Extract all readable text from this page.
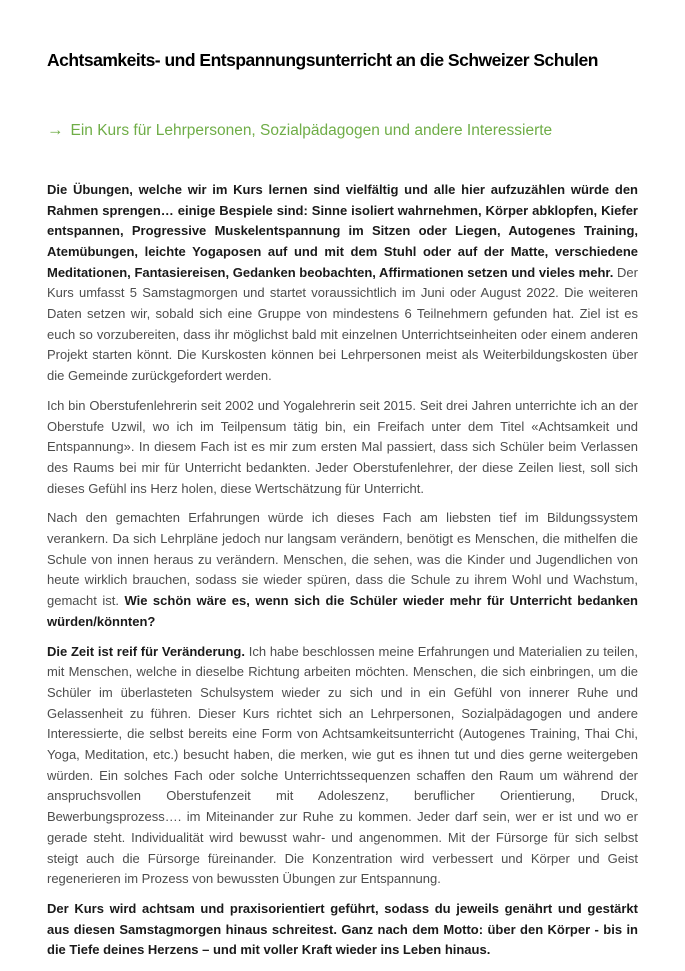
Achtsamkeits- und Entspannungsunterricht an die Schweizer Schulen
→ Ein Kurs für Lehrpersonen, Sozialpädagogen und andere Interessierte

Die Übungen, welche wir im Kurs lernen sind vielfältig und alle hier aufzuzählen würde den Rahmen sprengen… einige Bespiele sind: Sinne isoliert wahrnehmen, Körper abklopfen, Kiefer entspannen, Progressive Muskelentspannung im Sitzen oder Liegen, Autogenes Training, Atemübungen, leichte Yogaposen auf und mit dem Stuhl oder auf der Matte, verschiedene Meditationen, Fantasiereisen, Gedanken beobachten, Affirmationen setzen und vieles mehr. Der Kurs umfasst 5 Samstagmorgen und startet voraussichtlich im Juni oder August 2022. Die weiteren Daten setzen wir, sobald sich eine Gruppe von mindestens 6 Teilnehmern gefunden hat. Ziel ist es euch so vorzubereiten, dass ihr möglichst bald mit einzelnen Unterrichtseinheiten oder einem anderen Projekt starten könnt. Die Kurskosten können bei Lehrpersonen meist als Weiterbildungskosten über die Gemeinde zurückgefordert werden.

Ich bin Oberstufenlehrerin seit 2002 und Yogalehrerin seit 2015. Seit drei Jahren unterrichte ich an der Oberstufe Uzwil, wo ich im Teilpensum tätig bin, ein Freifach unter dem Titel «Achtsamkeit und Entspannung». In diesem Fach ist es mir zum ersten Mal passiert, dass sich Schüler beim Verlassen des Raums bei mir für Unterricht bedankten. Jeder Oberstufenlehrer, der diese Zeilen liest, soll sich dieses Gefühl ins Herz holen, diese Wertschätzung für Unterricht.

Nach den gemachten Erfahrungen würde ich dieses Fach am liebsten tief im Bildungssystem verankern. Da sich Lehrpläne jedoch nur langsam verändern, benötigt es Menschen, die mithelfen die Schule von innen heraus zu verändern. Menschen, die sehen, was die Kinder und Jugendlichen von heute wirklich brauchen, sodass sie wieder spüren, dass die Schule zu ihrem Wohl und Wachstum, gemacht ist. Wie schön wäre es, wenn sich die Schüler wieder mehr für Unterricht bedanken würden/könnten?

Die Zeit ist reif für Veränderung. Ich habe beschlossen meine Erfahrungen und Materialien zu teilen, mit Menschen, welche in dieselbe Richtung arbeiten möchten. Menschen, die sich einbringen, um die Schüler im überlasteten Schulsystem wieder zu sich und in ein Gefühl von innerer Ruhe und Gelassenheit zu führen. Dieser Kurs richtet sich an Lehrpersonen, Sozialpädagogen und andere Interessierte, die selbst bereits eine Form von Achtsamkeitsunterricht (Autogenes Training, Thai Chi, Yoga, Meditation, etc.) besucht haben, die merken, wie gut es ihnen tut und dies gerne weitergeben würden. Ein solches Fach oder solche Unterrichtssequenzen schaffen den Raum um während der anspruchsvollen Oberstufenzeit mit Adoleszenz, beruflicher Orientierung, Druck, Bewerbungsprozess…. im Miteinander zur Ruhe zu kommen. Jeder darf sein, wer er ist und wo er gerade steht. Individualität wird bewusst wahr- und angenommen. Mit der Fürsorge für sich selbst steigt auch die Fürsorge füreinander. Die Konzentration wird verbessert und Körper und Geist regenerieren im Prozess von bewussten Übungen zur Entspannung.

Der Kurs wird achtsam und praxisorientiert geführt, sodass du jeweils genährt und gestärkt aus diesen Samstagmorgen hinaus schreitest. Ganz nach dem Motto: über den Körper - bis in die Tiefe deines Herzens – und mit voller Kraft wieder ins Leben hinaus.
